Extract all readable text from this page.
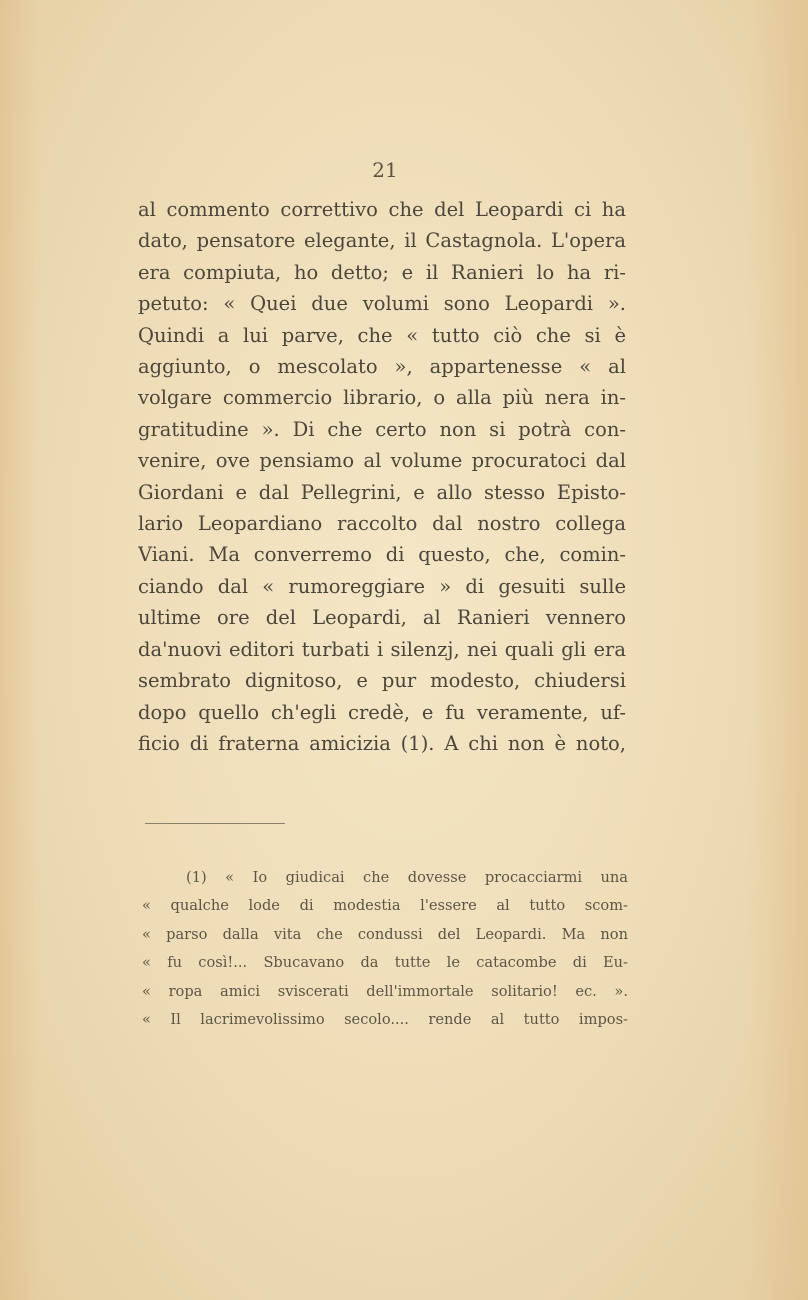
21
al commento correttivo che del Leopardi ci ha
dato, pensatore elegante, il Castagnola. L'opera
era compiuta, ho detto; e il Ranieri lo ha ri-
petuto: « Quei due volumi sono Leopardi ».
Quindi a lui parve, che « tutto ciò che si è
aggiunto, o mescolato », appartenesse « al
volgare commercio librario, o alla più nera in-
gratitudine ». Di che certo non si potrà con-
venire, ove pensiamo al volume procuratoci dal
Giordani e dal Pellegrini, e allo stesso Episto-
lario Leopardiano raccolto dal nostro collega
Viani. Ma converremo di questo, che, comin-
ciando dal « rumoreggiare » di gesuiti sulle
ultime ore del Leopardi, al Ranieri vennero
da'nuovi editori turbati i silenzj, nei quali gli era
sembrato dignitoso, e pur modesto, chiudersi
dopo quello ch'egli credè, e fu veramente, uf-
ficio di fraterna amicizia (1). A chi non è noto,
(1) « Io giudicai che dovesse procacciarmi una
« qualche lode di modestia l'essere al tutto scom-
« parso dalla vita che condussi del Leopardi. Ma non
« fu così!... Sbucavano da tutte le catacombe di Eu-
« ropa amici sviscerati dell'immortale solitario! ec. ».
« Il lacrimevolissimo secolo.... rende al tutto impos-
